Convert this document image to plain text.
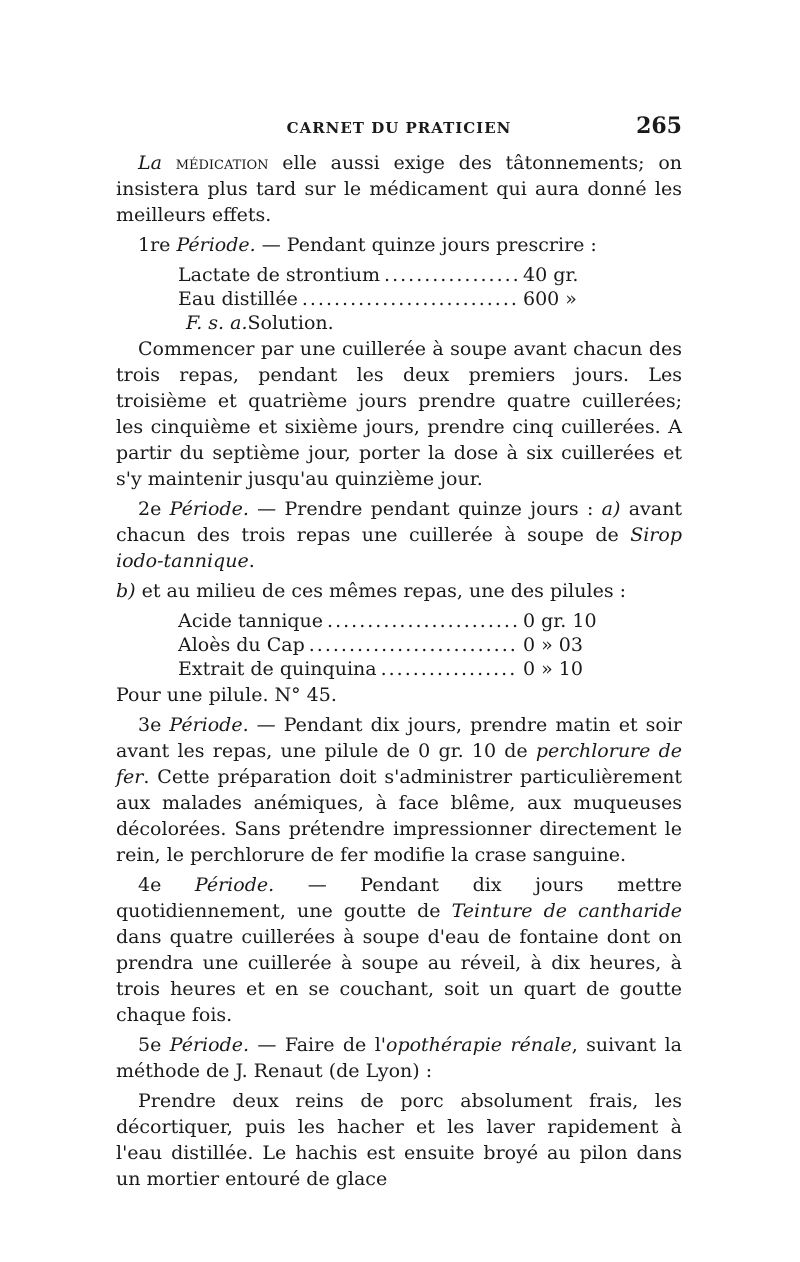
CARNET DU PRATICIEN	265

La médication elle aussi exige des tâtonnements; on insistera plus tard sur le médicament qui aura donné les meilleurs effets.

1re Période. — Pendant quinze jours prescrire :

Lactate de strontium .....	40 gr.
Eau distillée .....	600 »
F. s. a. Solution.

Commencer par une cuillerée à soupe avant chacun des trois repas, pendant les deux premiers jours. Les troisième et quatrième jours prendre quatre cuillerées; les cinquième et sixième jours, prendre cinq cuillerées. A partir du septième jour, porter la dose à six cuillerées et s'y maintenir jusqu'au quinzième jour.

2e Période. — Prendre pendant quinze jours : a) avant chacun des trois repas une cuillerée à soupe de Sirop iodo-tannique.

b) et au milieu de ces mêmes repas, une des pilules :

Acide tannique .....	0 gr. 10
Aloès du Cap .....	0 » 03
Extrait de quinquina .....	0 » 10

Pour une pilule. N° 45.

3e Période. — Pendant dix jours, prendre matin et soir avant les repas, une pilule de 0 gr. 10 de perchlorure de fer. Cette préparation doit s'administrer particulièrement aux malades anémiques, à face blême, aux muqueuses décolorées. Sans prétendre impressionner directement le rein, le perchlorure de fer modifie la crase sanguine.

4e Période. — Pendant dix jours mettre quotidiennement, une goutte de Teinture de cantharide dans quatre cuillerées à soupe d'eau de fontaine dont on prendra une cuillerée à soupe au réveil, à dix heures, à trois heures et en se couchant, soit un quart de goutte chaque fois.

5e Période. — Faire de l'opothérapie rénale, suivant la méthode de J. Renaut (de Lyon) :

Prendre deux reins de porc absolument frais, les décortiquer, puis les hacher et les laver rapidement à l'eau distillée. Le hachis est ensuite broyé au pilon dans un mortier entouré de glace
